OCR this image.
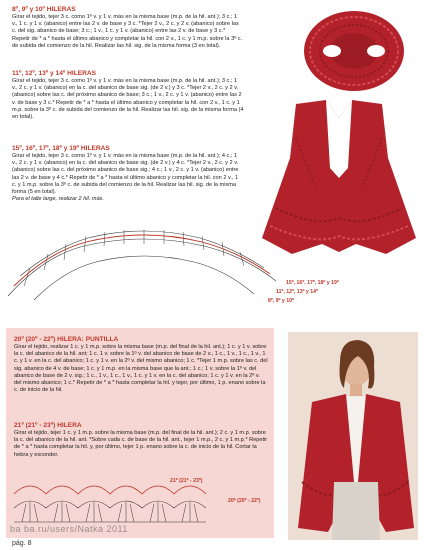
8º, 9º y 10º HILERAS
Girar el tejido, tejer 3 c. como 1º v. y 1 v. más en la misma base (m.p. de la hil. ant.); 3 c.; 1 v., 1 c. y 1 v. (abanico) entre las 2 v. de base y 3 c. *Tejer 2 v., 2 c. y 2 v. (abanico) sobre las c. del sig. abanico de base; 3 c.; 1 v., 1 c. y 1 v. (abanico) entre las 2 v. de base y 3 c.* Repetir de * a * hasta el último abanico y completar la hil. con 2 v., 1 c. y 1 m.p. sobre la 3º c. de subida del comienzo de la hil. Realizar las hil. sig. de la misma forma (3 en total).
11º, 12º, 13º y 14º HILERAS
Girar el tejido, tejer 3 c. como 1º v. y 1 v. más en la misma base (m.p. de la hil. ant.); 3 c.; 1 v., 2 c. y 1 v. (abanico) en la c. del abanico de base sig. (de 2 v.) y 3 c. *Tejer 2 v., 2 c. y 2 v. (abanico) sobre las c. del próximo abanico de base; 3 c.; 1 v., 2 c. y 1 v. (abanico) entre las 2 v. de base y 3 c.* Repetir de * a * hasta el último abanico y completar la hil. con 2 v., 1 c. y 1 m.p. sobre la 3º c. de subida del comienzo de la hil. Realizar las hil. sig. de la misma forma (4 en total).
15º, 16º, 17º, 18º y 19º HILERAS
Girar el tejido, tejer 3 c. como 1º v. y 1 v. más en la misma base (m.p. de la hil. ant.); 4 c.; 1 v., 2 c. y 1 v. (abanico) en la c. del abanico de base sig. (de 2 v.) y 4 c. *Tejer 2 v., 2 c. y 2 v. (abanico) sobre las c. del próximo abanico de base sig.; 4 c.; 1 v., 2 c. y 1 v. (abanico) entre las 2 v. de base y 4 c.* Repetir de * a * hasta el último abanico y completar la hil. con 2 v., 1 c. y 1 m.p. sobre la 3º c. de subida del comienzo de la hil. Realizar las hil. sig. de la misma forma (5 en total).
Para el talle large, realizar 2 hil. más.
15º, 16º, 17º, 18º y 19º
11º, 12º, 13º y 14º
8º, 9º y 10º
20º (20º - 22º) HILERA: PUNTILLA
Girar el tejido, realizar 1 c. y 1 m.p. sobre la misma base (m.p. del final de la hil. ant.); 1 c. y 1 v. sobre la c. del abanico de la hil. ant; 1 c. 1 v. sobre la 1º v. del abanico de base de 2 v., 1 c., 1 v., 1 c., 1 v., 1 c. y 1 v. en la c. del abanico; 1 c. y 1 v. en la 2º v. del mismo abanico; 1 c. *Tejer 1 m.p. sobre las c. del sig. abanico de 4 v. de base; 1 c. y 1 m.p. en la misma base que la ant.; 1 c.; 1 v. sobre la 1º v. del abanico de base de 2 v. sig.; 1 c., 1 v., 1 c., 1 v., 1 c. y 1 v. en la c. del abanico; 1 c. y 1 v. en la 2º v. del mismo abanico; 1 c.* Repetir de * a * hasta completar la hil. y tejer, por último, 1 p. enano sobre la c. de inicio de la hil.
21º (21º - 23º) HILERA
Girar el tejido, tejer 1 c. y 1 m.p. sobre la misma base (m.p. del final de la hil. ant.); 2 c. y 1 m.p. sobre la c. del abanico de la hil. ant. *Sobre cada c. de base de la hil. ant., tejer 1 m.p., 2 c. y 1 m.p.* Repetir de * a * hasta completar la hil. y, por último, tejer 1 p. enano sobre la c. de inicio de la hil. Cortar la hebra y esconder.
21º (21º - 23º)
20º (20º - 22º)
ba ba.ru/users/Natka 2011
pág. 8
